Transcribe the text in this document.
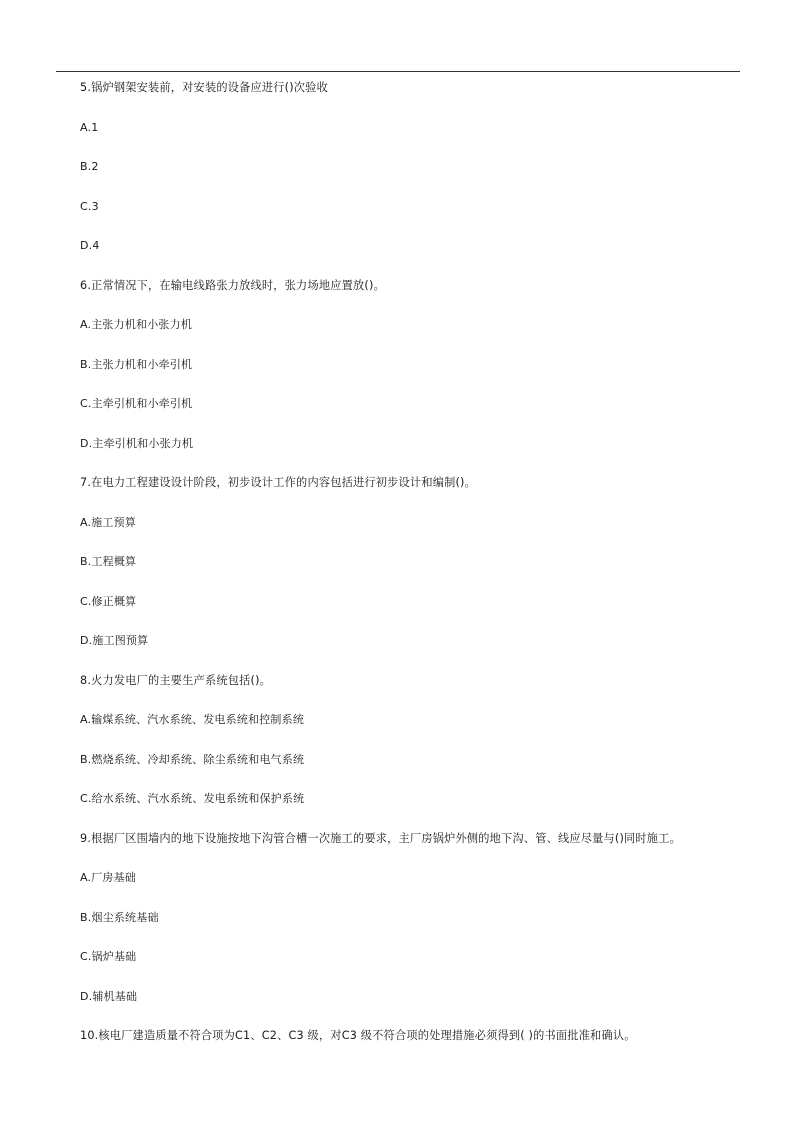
5.锅炉钢架安装前，对安装的设备应进行()次验收
A.1
B.2
C.3
D.4
6.正常情况下，在输电线路张力放线时，张力场地应置放()。
A.主张力机和小张力机
B.主张力机和小牵引机
C.主牵引机和小牵引机
D.主牵引机和小张力机
7.在电力工程建设设计阶段，初步设计工作的内容包括进行初步设计和编制()。
A.施工预算
B.工程概算
C.修正概算
D.施工图预算
8.火力发电厂的主要生产系统包括()。
A.输煤系统、汽水系统、发电系统和控制系统
B.燃烧系统、冷却系统、除尘系统和电气系统
C.给水系统、汽水系统、发电系统和保护系统
9.根据厂区围墙内的地下设施按地下沟管合槽一次施工的要求，主厂房锅炉外侧的地下沟、管、线应尽量与()同时施工。
A.厂房基础
B.烟尘系统基础
C.锅炉基础
D.辅机基础
10.核电厂建造质量不符合项为C1、C2、C3 级，对C3 级不符合项的处理措施必须得到( )的书面批准和确认。
